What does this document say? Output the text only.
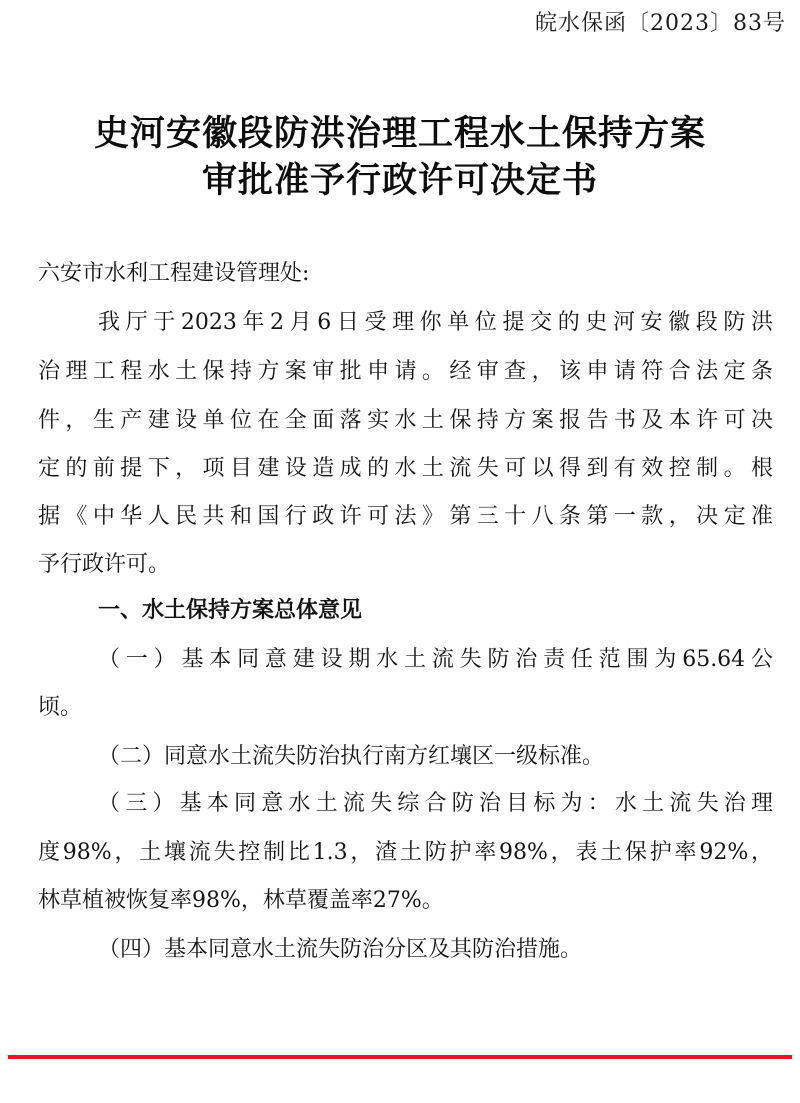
皖水保函〔2023〕83号
史河安徽段防洪治理工程水土保持方案
审批准予行政许可决定书
六安市水利工程建设管理处:
我厅于2023年2月6日受理你单位提交的史河安徽段防洪
治理工程水土保持方案审批申请。经审查，该申请符合法定条
件，生产建设单位在全面落实水土保持方案报告书及本许可决
定的前提下，项目建设造成的水土流失可以得到有效控制。根
据《中华人民共和国行政许可法》第三十八条第一款，决定准
予行政许可。
一、水土保持方案总体意见
（一）基本同意建设期水土流失防治责任范围为65.64公
顷。
（二）同意水土流失防治执行南方红壤区一级标准。
（三）基本同意水土流失综合防治目标为：水土流失治理
度98%，土壤流失控制比1.3，渣土防护率98%，表土保护率92%，
林草植被恢复率98%，林草覆盖率27%。
（四）基本同意水土流失防治分区及其防治措施。
